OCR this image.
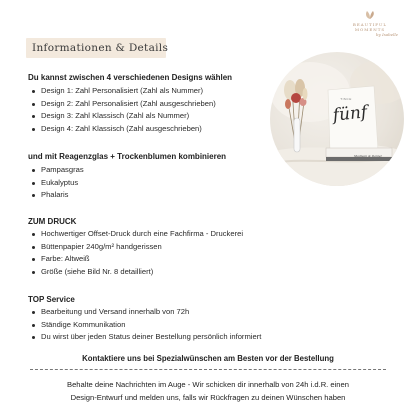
BEAUTIFUL MOMENTS
by Isabelle
Informationen & Details
Du kannst zwischen 4 verschiedenen Designs wählen
Design 1: Zahl Personalisiert (Zahl als Nummer)
Design 2: Zahl Personalisiert (Zahl ausgeschrieben)
Design 3: Zahl Klassisch (Zahl als Nummer)
Design 4: Zahl Klassisch (Zahl ausgeschrieben)
TISCH
fünf
Madleen & Daniel
und mit Reagenzglas + Trockenblumen kombinieren
Pampasgras
Eukalyptus
Phalaris
ZUM DRUCK
Hochwertiger Offset-Druck durch eine Fachfirma - Druckerei
Büttenpapier 240g/m² handgerissen
Farbe: Altweiß
Größe (siehe Bild Nr. 8 detailliert)
TOP Service
Bearbeitung und Versand innerhalb von 72h
Ständige Kommunikation
Du wirst über jeden Status deiner Bestellung persönlich informiert
Kontaktiere uns bei Spezialwünschen am Besten vor der Bestellung
Behalte deine Nachrichten im Auge - Wir schicken dir innerhalb von 24h i.d.R. einen
Design-Entwurf und melden uns, falls wir Rückfragen zu deinen Wünschen haben
